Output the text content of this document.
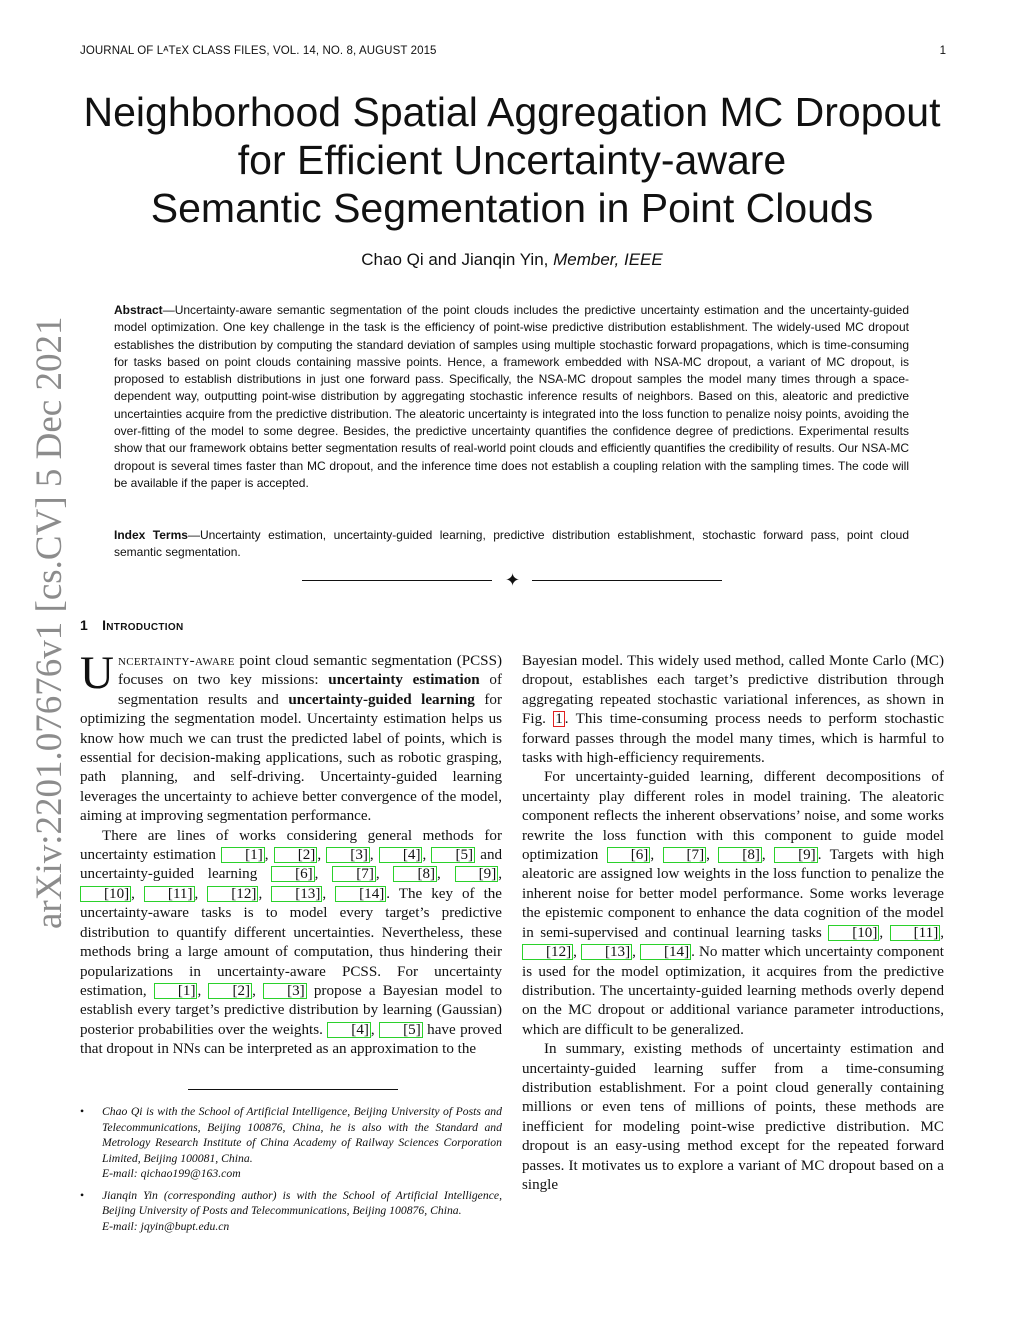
JOURNAL OF LᴬTᴇX CLASS FILES, VOL. 14, NO. 8, AUGUST 2015	1
arXiv:2201.07676v1 [cs.CV] 5 Dec 2021
Neighborhood Spatial Aggregation MC Dropout
for Efficient Uncertainty-aware
Semantic Segmentation in Point Clouds
Chao Qi and Jianqin Yin, Member, IEEE

Abstract—Uncertainty-aware semantic segmentation of the point clouds includes the predictive uncertainty estimation and the uncertainty-guided model optimization. One key challenge in the task is the efficiency of point-wise predictive distribution establishment. The widely-used MC dropout establishes the distribution by computing the standard deviation of samples using multiple stochastic forward propagations, which is time-consuming for tasks based on point clouds containing massive points. Hence, a framework embedded with NSA-MC dropout, a variant of MC dropout, is proposed to establish distributions in just one forward pass. Specifically, the NSA-MC dropout samples the model many times through a space-dependent way, outputting point-wise distribution by aggregating stochastic inference results of neighbors. Based on this, aleatoric and predictive uncertainties acquire from the predictive distribution. The aleatoric uncertainty is integrated into the loss function to penalize noisy points, avoiding the over-fitting of the model to some degree. Besides, the predictive uncertainty quantifies the confidence degree of predictions. Experimental results show that our framework obtains better segmentation results of real-world point clouds and efficiently quantifies the credibility of results. Our NSA-MC dropout is several times faster than MC dropout, and the inference time does not establish a coupling relation with the sampling times. The code will be available if the paper is accepted.

Index Terms—Uncertainty estimation, uncertainty-guided learning, predictive distribution establishment, stochastic forward pass, point cloud semantic segmentation.

✦
1 Introduction

Uncertainty-aware point cloud semantic segmentation (PCSS) focuses on two key missions: uncertainty estimation of segmentation results and uncertainty-guided learning for optimizing the segmentation model. Uncertainty estimation helps us know how much we can trust the predicted label of points, which is essential for decision-making applications, such as robotic grasping, path planning, and self-driving. Uncertainty-guided learning leverages the uncertainty to achieve better convergence of the model, aiming at improving segmentation performance.

There are lines of works considering general methods for uncertainty estimation [1] , [2] , [3] , [4] , [5] and uncertainty-guided learning [6] , [7] , [8] , [9] , [10] , [11] , [12] , [13] , [14] . The key of the uncertainty-aware tasks is to model every target’s predictive distribution to quantify different uncertainties. Nevertheless, these methods bring a large amount of computation, thus hindering their popularizations in uncertainty-aware PCSS. For uncertainty estimation, [1] , [2] , [3] propose a Bayesian model to establish every target’s predictive distribution by learning (Gaussian) posterior probabilities over the weights. [4] , [5] have proved that dropout in NNs can be interpreted as an approximation to the

• Chao Qi is with the School of Artificial Intelligence, Beijing University of Posts and Telecommunications, Beijing 100876, China, he is also with the Standard and Metrology Research Institute of China Academy of Railway Sciences Corporation Limited, Beijing 100081, China.
E-mail: qichao199@163.com
• Jianqin Yin (corresponding author) is with the School of Artificial Intelligence, Beijing University of Posts and Telecommunications, Beijing 100876, China.
E-mail: jqyin@bupt.edu.cn

Bayesian model. This widely used method, called Monte Carlo (MC) dropout, establishes each target’s predictive distribution through aggregating repeated stochastic variational inferences, as shown in Fig. 1 . This time-consuming process needs to perform stochastic forward passes through the model many times, which is harmful to tasks with high-efficiency requirements.

For uncertainty-guided learning, different decompositions of uncertainty play different roles in model training. The aleatoric component reflects the inherent observations’ noise, and some works rewrite the loss function with this component to guide model optimization [6] , [7] , [8] , [9] . Targets with high aleatoric are assigned low weights in the loss function to penalize the inherent noise for better model performance. Some works leverage the epistemic component to enhance the data cognition of the model in semi-supervised and continual learning tasks [10] , [11] , [12] , [13] , [14] . No matter which uncertainty component is used for the model optimization, it acquires from the predictive distribution. The uncertainty-guided learning methods overly depend on the MC dropout or additional variance parameter introductions, which are difficult to be generalized.

In summary, existing methods of uncertainty estimation and uncertainty-guided learning suffer from a time-consuming distribution establishment. For a point cloud generally containing millions or even tens of millions of points, these methods are inefficient for modeling point-wise predictive distribution. MC dropout is an easy-using method except for the repeated forward passes. It motivates us to explore a variant of MC dropout based on a single
